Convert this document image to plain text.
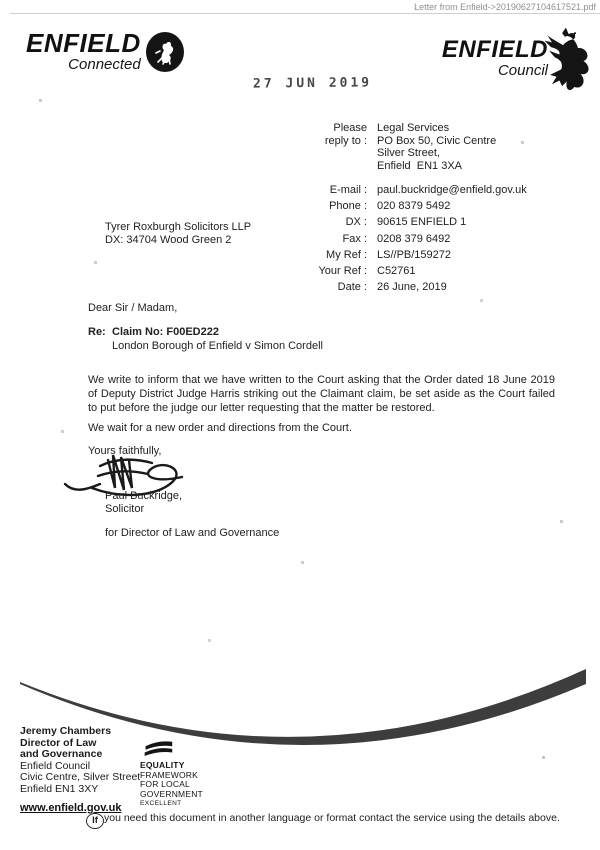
Letter from Enfield->20190627104617521.pdf
ENFIELD
Connected
27 JUN 2019
ENFIELD
Council
Please
reply to :
Legal Services
PO Box 50, Civic Centre
Silver Street,
Enfield  EN1 3XA
E-mail : paul.buckridge@enfield.gov.uk
Phone : 020 8379 5492
DX : 90615 ENFIELD 1
Fax : 0208 379 6492
My Ref : LS//PB/159272
Your Ref : C52761
Date : 26 June, 2019
Tyrer Roxburgh Solicitors LLP
DX: 34704 Wood Green 2
Dear Sir / Madam,
Re: Claim No: F00ED222
London Borough of Enfield v Simon Cordell
We write to inform that we have written to the Court asking that the Order dated 18 June 2019 of Deputy District Judge Harris striking out the Claimant claim, be set aside as the Court failed to put before the judge our letter requesting that the matter be restored.
We wait for a new order and directions from the Court.
Yours faithfully,
Paul Buckridge,
Solicitor
for Director of Law and Governance
Jeremy Chambers
Director of Law
and Governance
Enfield Council
Civic Centre, Silver Street
Enfield EN1 3XY
www.enfield.gov.uk
EQUALITY
FRAMEWORK
FOR LOCAL
GOVERNMENT
EXCELLENT
If you need this document in another language or format contact the service using the details above.
